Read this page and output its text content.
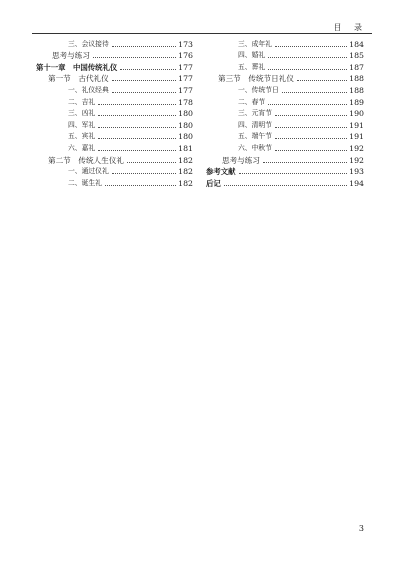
目 录
三、会议接待	173
思考与练习	176
第十一章　中国传统礼仪	177
第一节　古代礼仪	177
一、礼仪经典	177
二、吉礼	178
三、凶礼	180
四、军礼	180
五、宾礼	180
六、嘉礼	181
第二节　传统人生仪礼	182
一、通过仪礼	182
二、诞生礼	182
三、成年礼	184
四、婚礼	185
五、葬礼	187
第三节　传统节日礼仪	188
一、传统节日	188
二、春节	189
三、元宵节	190
四、清明节	191
五、端午节	191
六、中秋节	192
思考与练习	192
参考文献	193
后记	194
3
